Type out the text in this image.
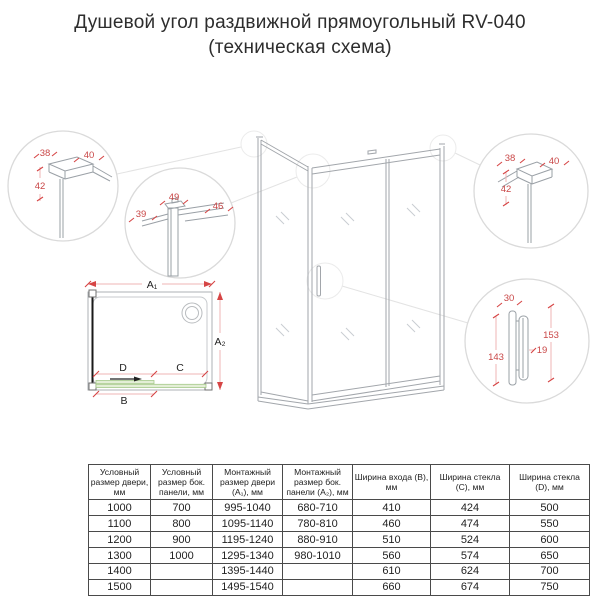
Душевой угол раздвижной прямоугольный RV-040
(техническая схема)
A₁
A₂
D	C
B
38	40
42
49
39
46
38	40
42
30
153
143
19
Условный размер двери, мм	Условный размер бок. панели, мм	Монтажный размер двери (A₁), мм	Монтажный размер бок. панели (A₂), мм	Ширина входа (B), мм	Ширина стекла (C), мм	Ширина стекла (D), мм
1000	700	995-1040	680-710	410	424	500
1100	800	1095-1140	780-810	460	474	550
1200	900	1195-1240	880-910	510	524	600
1300	1000	1295-1340	980-1010	560	574	650
1400		1395-1440		610	624	700
1500		1495-1540		660	674	750
